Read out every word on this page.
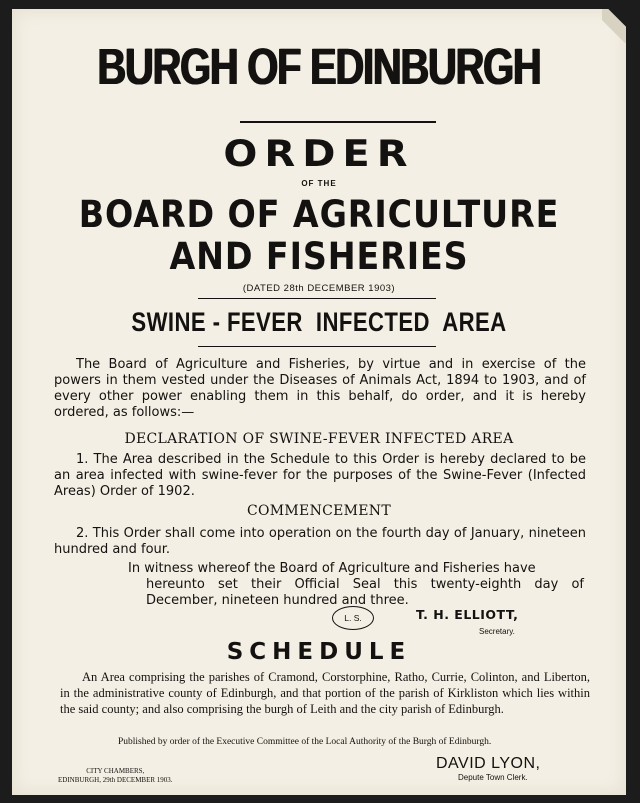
BURGH OF EDINBURGH
ORDER
OF THE
BOARD OF AGRICULTURE
AND FISHERIES
(DATED 28th DECEMBER 1903)
SWINE - FEVER  INFECTED  AREA
The Board of Agriculture and Fisheries, by virtue and in exercise of the powers in them vested under the Diseases of Animals Act, 1894 to 1903, and of every other power enabling them in this behalf, do order, and it is hereby ordered, as follows:—
DECLARATION OF SWINE-FEVER INFECTED AREA
1. The Area described in the Schedule to this Order is hereby declared to be an area infected with swine-fever for the purposes of the Swine-Fever (Infected Areas) Order of 1902.
COMMENCEMENT
2. This Order shall come into operation on the fourth day of January, nineteen hundred and four.
In witness whereof the Board of Agriculture and Fisheries have
hereunto set their Official Seal this twenty-eighth day of December, nineteen hundred and three.
L. S.	T. H. ELLIOTT,
Secretary.
SCHEDULE
An Area comprising the parishes of Cramond, Corstorphine, Ratho, Currie, Colinton, and Liberton, in the administrative county of Edinburgh, and that portion of the parish of Kirkliston which lies within the said county; and also comprising the burgh of Leith and the city parish of Edinburgh.
Published by order of the Executive Committee of the Local Authority of the Burgh of Edinburgh.
DAVID LYON,
Depute Town Clerk.
CITY CHAMBERS,
EDINBURGH, 29th DECEMBER 1903.
